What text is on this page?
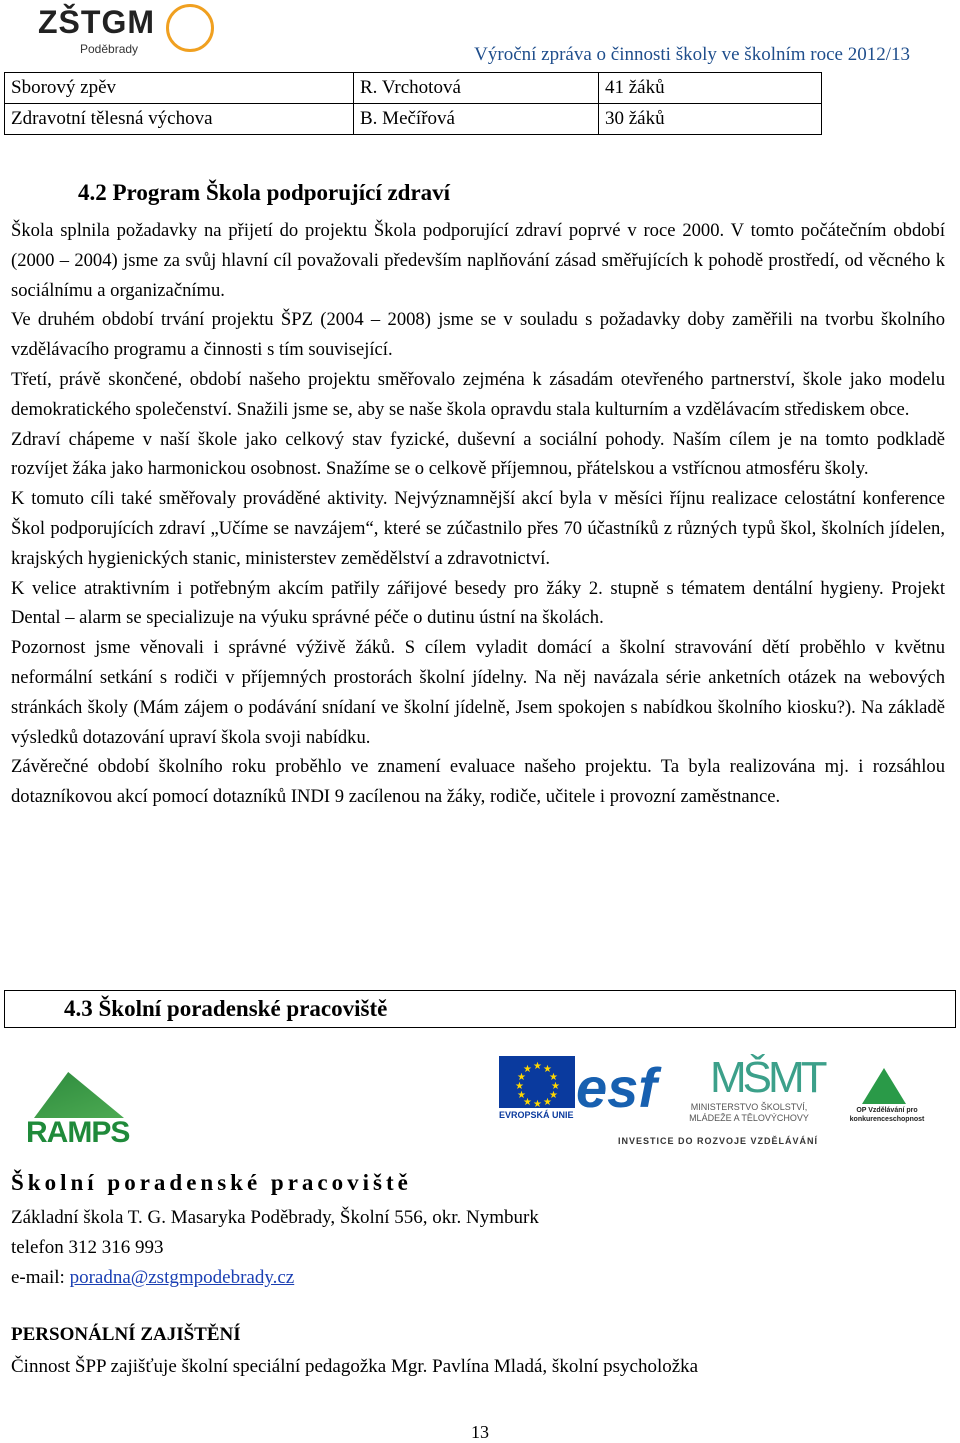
ZŠTGM
Poděbrady	Výroční zpráva o činnosti školy ve školním roce 2012/13
Sborový zpěv	R. Vrchotová	41 žáků
Zdravotní tělesná výchova	B. Mečířová	30 žáků
4.2 Program Škola podporující zdraví

Škola splnila požadavky na přijetí do projektu Škola podporující zdraví poprvé v roce 2000. V tomto počátečním období (2000 – 2004) jsme za svůj hlavní cíl považovali především naplňování zásad směřujících k pohodě prostředí, od věcného k sociálnímu a organizačnímu.

Ve druhém období trvání projektu ŠPZ (2004 – 2008) jsme se v souladu s požadavky doby zaměřili na tvorbu školního vzdělávacího programu a činnosti s tím související.

Třetí, právě skončené, období našeho projektu směřovalo zejména k zásadám otevřeného partnerství, škole jako modelu demokratického společenství. Snažili jsme se, aby se naše škola opravdu stala kulturním a vzdělávacím střediskem obce.

Zdraví chápeme v naší škole jako celkový stav fyzické, duševní a sociální pohody. Naším cílem je na tomto podkladě rozvíjet žáka jako harmonickou osobnost. Snažíme se o celkově příjemnou, přátelskou a vstřícnou atmosféru školy.

K tomuto cíli také směřovaly prováděné aktivity. Nejvýznamnější akcí byla v měsíci říjnu realizace celostátní konference Škol podporujících zdraví „Učíme se navzájem“, které se zúčastnilo přes 70 účastníků z různých typů škol, školních jídelen, krajských hygienických stanic, ministerstev zemědělství a zdravotnictví.

K velice atraktivním i potřebným akcím patřily zářijové besedy pro žáky 2. stupně s tématem dentální hygieny. Projekt Dental – alarm se specializuje na výuku správné péče o dutinu ústní na školách.

Pozornost jsme věnovali i správné výživě žáků. S cílem vyladit domácí a školní stravování dětí proběhlo v květnu neformální setkání s rodiči v příjemných prostorách školní jídelny. Na něj navázala série anketních otázek na webových stránkách školy (Mám zájem o podávání snídaní ve školní jídelně, Jsem spokojen s nabídkou školního kiosku?). Na základě výsledků dotazování upraví škola svoji nabídku.

Závěrečné období školního roku proběhlo ve znamení evaluace našeho projektu. Ta byla realizována mj. i rozsáhlou dotazníkovou akcí pomocí dotazníků INDI 9 zacílenou na žáky, rodiče, učitele i provozní zaměstnance.

4.3 Školní poradenské pracoviště
RAMPS
★ ★
★
★
★
★
★
★
★
★
★
★
EVROPSKÁ UNIE esf MŠMT
MINISTERSTVO ŠKOLSTVÍ, MLÁDEŽE A TĚLOVÝCHOVY
OP Vzdělávání pro konkurenceschopnost
INVESTICE DO ROZVOJE VZDĚLÁVÁNÍ
Školní poradenské pracoviště
Základní škola T. G. Masaryka Poděbrady, Školní 556, okr. Nymburk
telefon 312 316 993
e-mail: poradna@zstgmpodebrady.cz
PERSONÁLNÍ ZAJIŠTĚNÍ
Činnost ŠPP zajišťuje školní speciální pedagožka Mgr. Pavlína Mladá, školní psycholožka
13
